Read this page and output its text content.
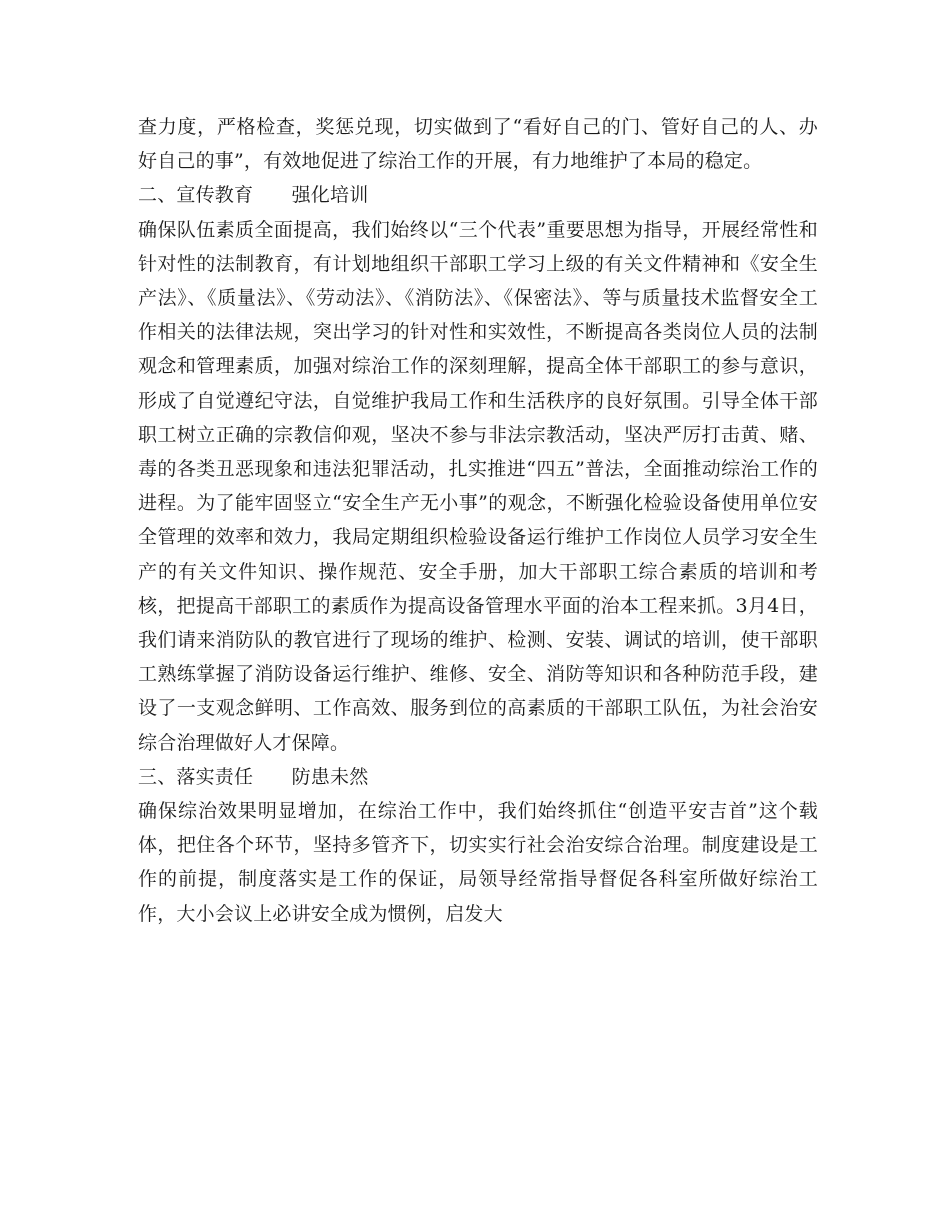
查力度，严格检查，奖惩兑现，切实做到了“看好自己的门、管好自己的人、办好自己的事”，有效地促进了综治工作的开展，有力地维护了本局的稳定。

二、宣传教育　　强化培训

确保队伍素质全面提高，我们始终以“三个代表”重要思想为指导，开展经常性和针对性的法制教育，有计划地组织干部职工学习上级的有关文件精神和《安全生产法》、《质量法》、《劳动法》、《消防法》、《保密法》、等与质量技术监督安全工作相关的法律法规，突出学习的针对性和实效性，不断提高各类岗位人员的法制观念和管理素质，加强对综治工作的深刻理解，提高全体干部职工的参与意识，形成了自觉遵纪守法，自觉维护我局工作和生活秩序的良好氛围。引导全体干部职工树立正确的宗教信仰观，坚决不参与非法宗教活动，坚决严厉打击黄、赌、毒的各类丑恶现象和违法犯罪活动，扎实推进“四五”普法，全面推动综治工作的进程。为了能牢固竖立“安全生产无小事”的观念，不断强化检验设备使用单位安全管理的效率和效力，我局定期组织检验设备运行维护工作岗位人员学习安全生产的有关文件知识、操作规范、安全手册，加大干部职工综合素质的培训和考核，把提高干部职工的素质作为提高设备管理水平面的治本工程来抓。3月4日，我们请来消防队的教官进行了现场的维护、检测、安装、调试的培训，使干部职工熟练掌握了消防设备运行维护、维修、安全、消防等知识和各种防范手段，建设了一支观念鲜明、工作高效、服务到位的高素质的干部职工队伍，为社会治安综合治理做好人才保障。

三、落实责任　　防患未然

确保综治效果明显增加，在综治工作中，我们始终抓住“创造平安吉首”这个载体，把住各个环节，坚持多管齐下，切实实行社会治安综合治理。制度建设是工作的前提，制度落实是工作的保证，局领导经常指导督促各科室所做好综治工作，大小会议上必讲安全成为惯例，启发大
